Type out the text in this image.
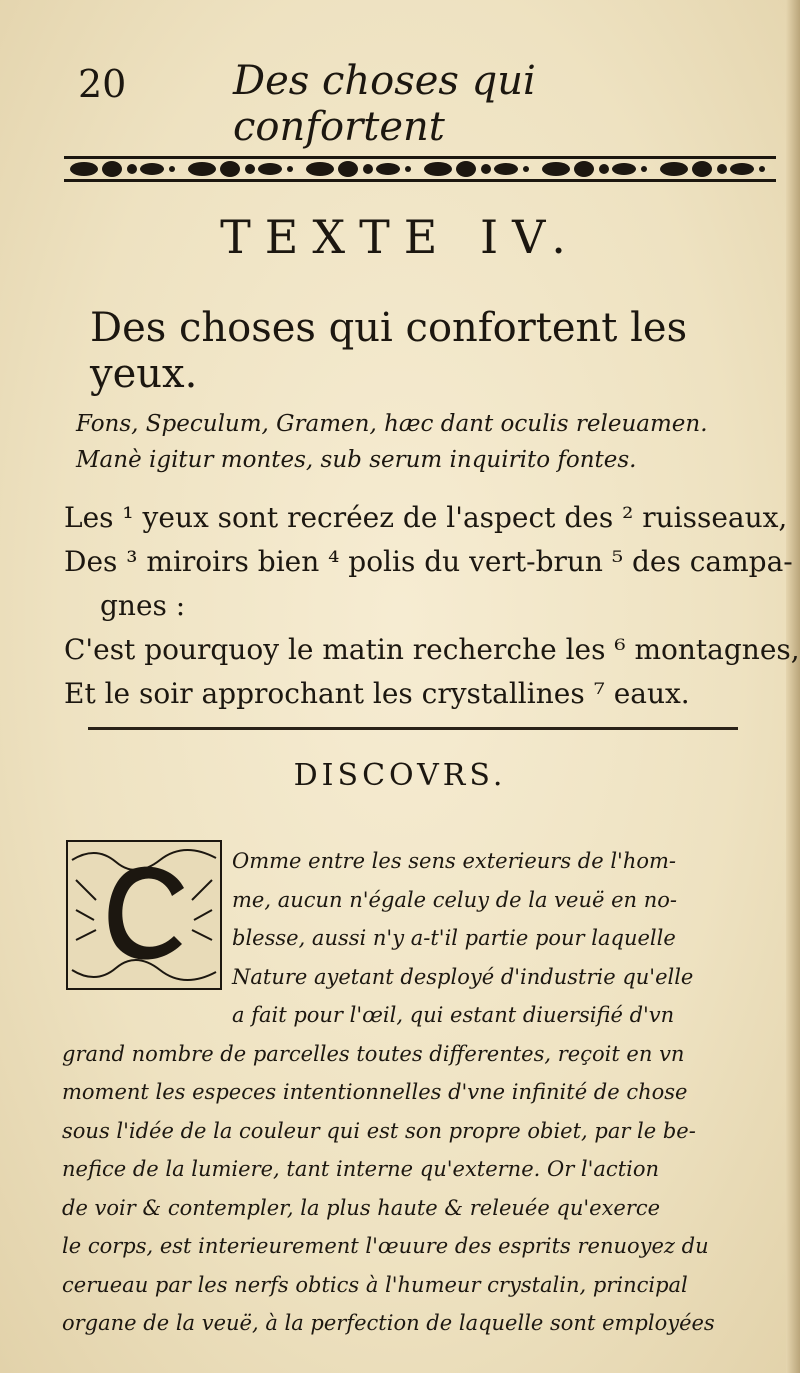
20	Des choses qui confortent
TEXTE IV.
Des choses qui confortent les yeux.
Fons, Speculum, Gramen, hæc dant oculis releuamen.
Manè igitur montes, sub serum inquirito fontes.
Les ¹ yeux sont recréez de l'aspect des ² ruisseaux,
Des ³ miroirs bien ⁴ polis du vert-brun ⁵ des campa-
gnes :
C'est pourquoy le matin recherche les ⁶ montagnes,
Et le soir approchant les crystallines ⁷ eaux.
DISCOVRS.
Omme entre les sens exterieurs de l'hom-
me, aucun n'égale celuy de la veuë en no-
blesse, aussi n'y a-t'il partie pour laquelle
Nature ayetant desployé d'industrie qu'elle
a fait pour l'œil, qui estant diuersifié d'vn
grand nombre de parcelles toutes differentes, reçoit en vn
moment les especes intentionnelles d'vne infinité de chose
sous l'idée de la couleur qui est son propre obiet, par le be-
nefice de la lumiere, tant interne qu'externe. Or l'action
de voir & contempler, la plus haute & releuée qu'exerce
le corps, est interieurement l'œuure des esprits renuoyez du
cerueau par les nerfs obtics à l'humeur crystalin, principal
organe de la veuë, à la perfection de laquelle sont employées
